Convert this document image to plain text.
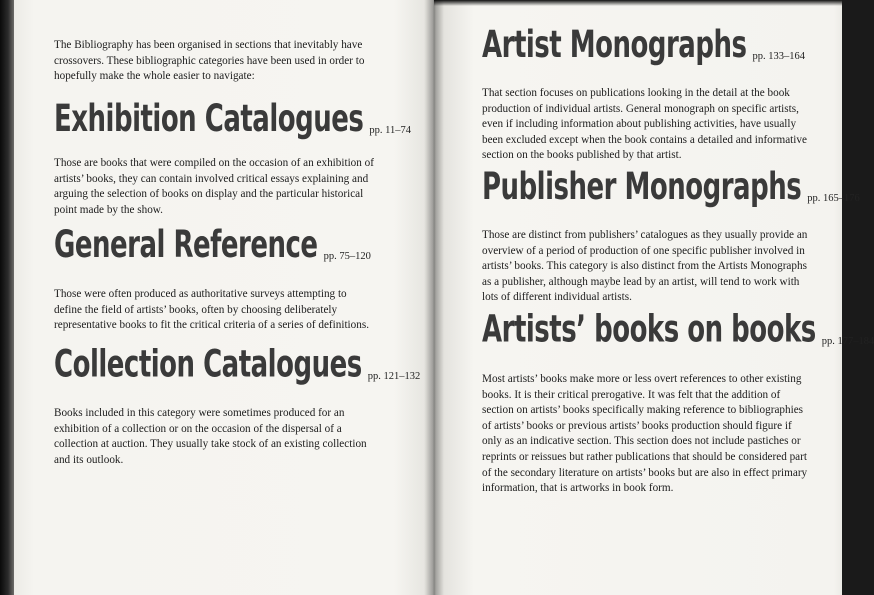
The Bibliography has been organised in sections that inevitably have crossovers. These bibliographic categories have been used in order to hopefully make the whole easier to navigate:

Exhibition Catalogues pp. 11–74

Those are books that were compiled on the occasion of an exhibition of artists’ books, they can contain involved critical essays explaining and arguing the selection of books on display and the particular historical point made by the show.

General Reference pp. 75–120

Those were often produced as authoritative surveys attempting to define the field of artists’ books, often by choosing deliberately representative books to fit the critical criteria of a series of definitions.

Collection Catalogues pp. 121–132

Books included in this category were sometimes produced for an exhibition of a collection or on the occasion of the dispersal of a collection at auction. They usually take stock of an existing collection and its outlook.

Artist Monographs pp. 133–164

That section focuses on publications looking in the detail at the book production of individual artists. General monograph on specific artists, even if including information about publishing activities, have usually been excluded except when the book contains a detailed and informative section on the books published by that artist.

Publisher Monographs pp. 165–176

Those are distinct from publishers’ catalogues as they usually provide an overview of a period of production of one specific publisher involved in artists’ books. This category is also distinct from the Artists Monographs as a publisher, although maybe lead by an artist, will tend to work with lots of different individual artists.

Artists’ books on books pp. 177–184

Most artists’ books make more or less overt references to other existing books. It is their critical prerogative. It was felt that the addition of section on artists’ books specifically making reference to bibliographies of artists’ books or previous artists’ books production should figure if only as an indicative section. This section does not include pastiches or reprints or reissues but rather publications that should be considered part of the secondary literature on artists’ books but are also in effect primary information, that is artworks in book form.
